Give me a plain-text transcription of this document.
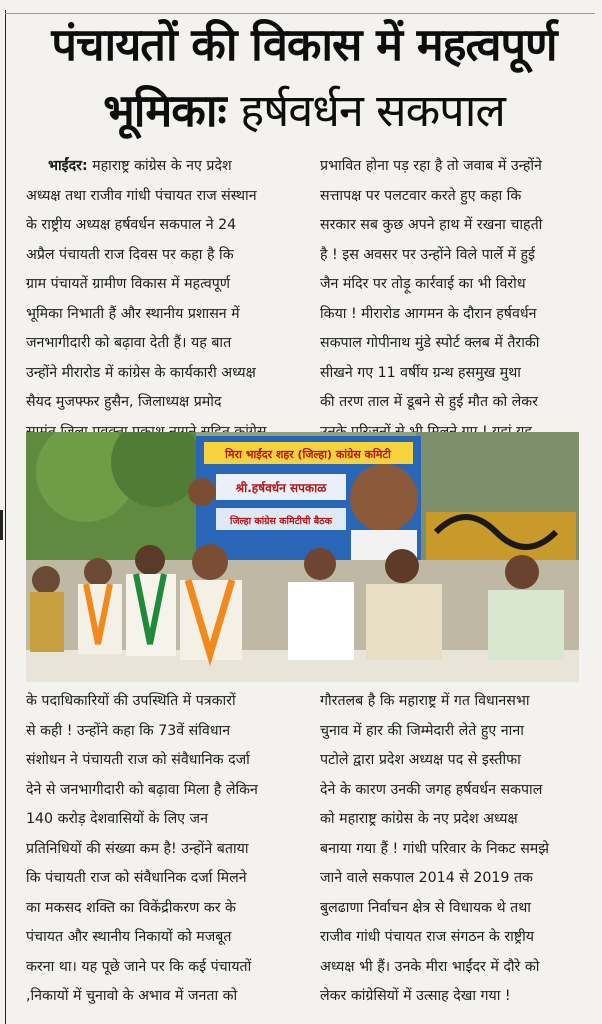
पंचायतों की विकास में महत्वपूर्ण
भूमिकाः हर्षवर्धन सकपाल
भाईंदर: महाराष्ट्र कांग्रेस के नए प्रदेश
अध्यक्ष तथा राजीव गांधी पंचायत राज संस्थान
के राष्ट्रीय अध्यक्ष हर्षवर्धन सकपाल ने 24
अप्रैल पंचायती राज दिवस पर कहा है कि
ग्राम पंचायतें ग्रामीण विकास में महत्वपूर्ण
भूमिका निभाती हैं और स्थानीय प्रशासन में
जनभागीदारी को बढ़ावा देती हैं। यह बात
उन्होंने मीरारोड में कांग्रेस के कार्यकारी अध्यक्ष
सैयद मुजफ्फर हुसैन, जिलाध्यक्ष प्रमोद
प्रभावित होना पड़ रहा है तो जवाब में उन्होंने
सत्तापक्ष पर पलटवार करते हुए कहा कि
सरकार सब कुछ अपने हाथ में रखना चाहती
है ! इस अवसर पर उन्होंने विले पार्ले में हुई
जैन मंदिर पर तोड़ू कार्रवाई का भी विरोध
किया ! मीरारोड आगमन के दौरान हर्षवर्धन
सकपाल गोपीनाथ मुंडे स्पोर्ट क्लब में तैराकी
सीखने गए 11 वर्षीय ग्रन्थ हसमुख मुथा
की तरण ताल में डूबने से हुई मौत को लेकर
मिरा भाईंदर शहर (जिल्हा) कांग्रेस कमिटी
श्री.हर्षवर्धन सपकाळ
जिल्हा कांग्रेस कमिटीची बैठक
के पदाधिकारियों की उपस्थिति में पत्रकारों
से कही ! उन्होंने कहा कि 73वें संविधान
संशोधन ने पंचायती राज को संवैधानिक दर्जा
देने से जनभागीदारी को बढ़ावा मिला है लेकिन
140 करोड़ देशवासियों के लिए जन
प्रतिनिधियों की संख्या कम है! उन्होंने बताया
कि पंचायती राज को संवैधानिक दर्जा मिलने
का मकसद शक्ति का विकेंद्रीकरण कर के
पंचायत और स्थानीय निकायों को मजबूत
करना था। यह पूछे जाने पर कि कई पंचायतों
,निकायों में चुनावो के अभाव में जनता को
गौरतलब है कि महाराष्ट्र में गत विधानसभा
चुनाव में हार की जिम्मेदारी लेते हुए नाना
पटोले द्वारा प्रदेश अध्यक्ष पद से इस्तीफा
देने के कारण उनकी जगह हर्षवर्धन सकपाल
को महाराष्ट्र कांग्रेस के नए प्रदेश अध्यक्ष
बनाया गया हैं ! गांधी परिवार के निकट समझे
जाने वाले सकपाल 2014 से 2019 तक
बुलढाणा निर्वाचन क्षेत्र से विधायक थे तथा
राजीव गांधी पंचायत राज संगठन के राष्ट्रीय
अध्यक्ष भी हैं। उनके मीरा भाईंदर में दौरे को
लेकर कांग्रेसियों में उत्साह देखा गया !
